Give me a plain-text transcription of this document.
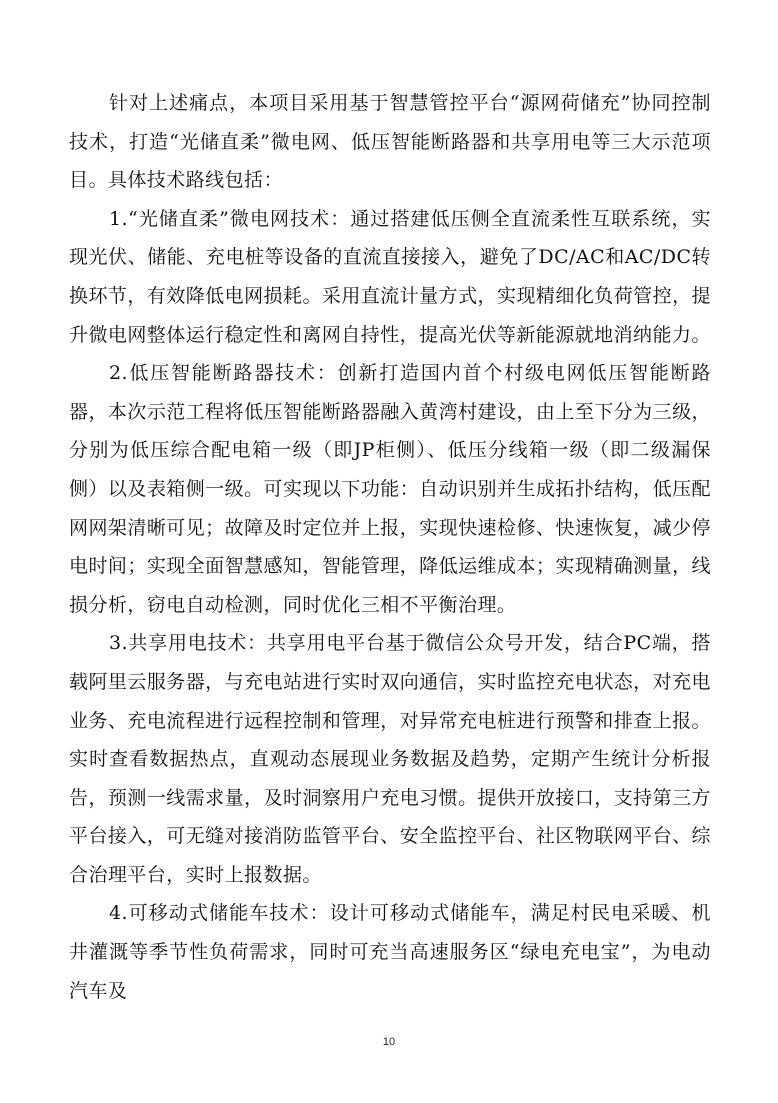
针对上述痛点，本项目采用基于智慧管控平台“源网荷储充”协同控制技术，打造“光储直柔”微电网、低压智能断路器和共享用电等三大示范项目。具体技术路线包括：

1.“光储直柔”微电网技术：通过搭建低压侧全直流柔性互联系统，实现光伏、储能、充电桩等设备的直流直接接入，避免了DC/AC和AC/DC转换环节，有效降低电网损耗。采用直流计量方式，实现精细化负荷管控，提升微电网整体运行稳定性和离网自持性，提高光伏等新能源就地消纳能力。

2.低压智能断路器技术：创新打造国内首个村级电网低压智能断路器，本次示范工程将低压智能断路器融入黄湾村建设，由上至下分为三级，分别为低压综合配电箱一级（即JP柜侧）、低压分线箱一级（即二级漏保侧）以及表箱侧一级。可实现以下功能：自动识别并生成拓扑结构，低压配网网架清晰可见；故障及时定位并上报，实现快速检修、快速恢复，减少停电时间；实现全面智慧感知，智能管理，降低运维成本；实现精确测量，线损分析，窃电自动检测，同时优化三相不平衡治理。

3.共享用电技术：共享用电平台基于微信公众号开发，结合PC端，搭载阿里云服务器，与充电站进行实时双向通信，实时监控充电状态，对充电业务、充电流程进行远程控制和管理，对异常充电桩进行预警和排查上报。实时查看数据热点，直观动态展现业务数据及趋势，定期产生统计分析报告，预测一线需求量，及时洞察用户充电习惯。提供开放接口，支持第三方平台接入，可无缝对接消防监管平台、安全监控平台、社区物联网平台、综合治理平台，实时上报数据。

4.可移动式储能车技术：设计可移动式储能车，满足村民电采暖、机井灌溉等季节性负荷需求，同时可充当高速服务区“绿电充电宝”，为电动汽车及

10
